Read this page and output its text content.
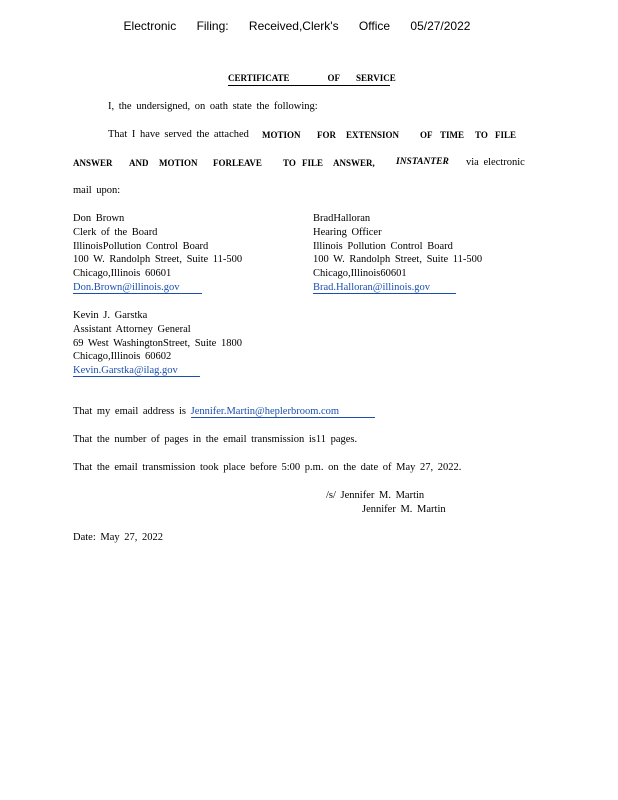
Electronic Filing: Received,Clerk's Office 05/27/2022
CERTIFICATE	OF SERVICE
I, the undersigned, on oath state the following:
That I have served the attached MOTION FOR EXTENSION OF TIME TO FILE
ANSWER AND MOTION FORLEAVE TO FILE ANSWER, INSTANTER via electronic
mail upon:
Don Brown
Clerk of the Board
IllinoisPollution Control Board
100 W. Randolph Street, Suite 11-500
Chicago,Illinois 60601
Don.Brown@illinois.gov
BradHalloran
Hearing Officer
Illinois Pollution Control Board
100 W. Randolph Street, Suite 11-500
Chicago,Illinois60601
Brad.Halloran@illinois.gov
Kevin J. Garstka
Assistant Attorney General
69 West WashingtonStreet, Suite 1800
Chicago,Illinois 60602
Kevin.Garstka@ilag.gov
That my email address is Jennifer.Martin@heplerbroom.com
That the number of pages in the email transmission is11 pages.
That the email transmission took place before 5:00 p.m. on the date of May 27, 2022.
/s/ Jennifer M. Martin
Jennifer M. Martin
Date: May 27, 2022
